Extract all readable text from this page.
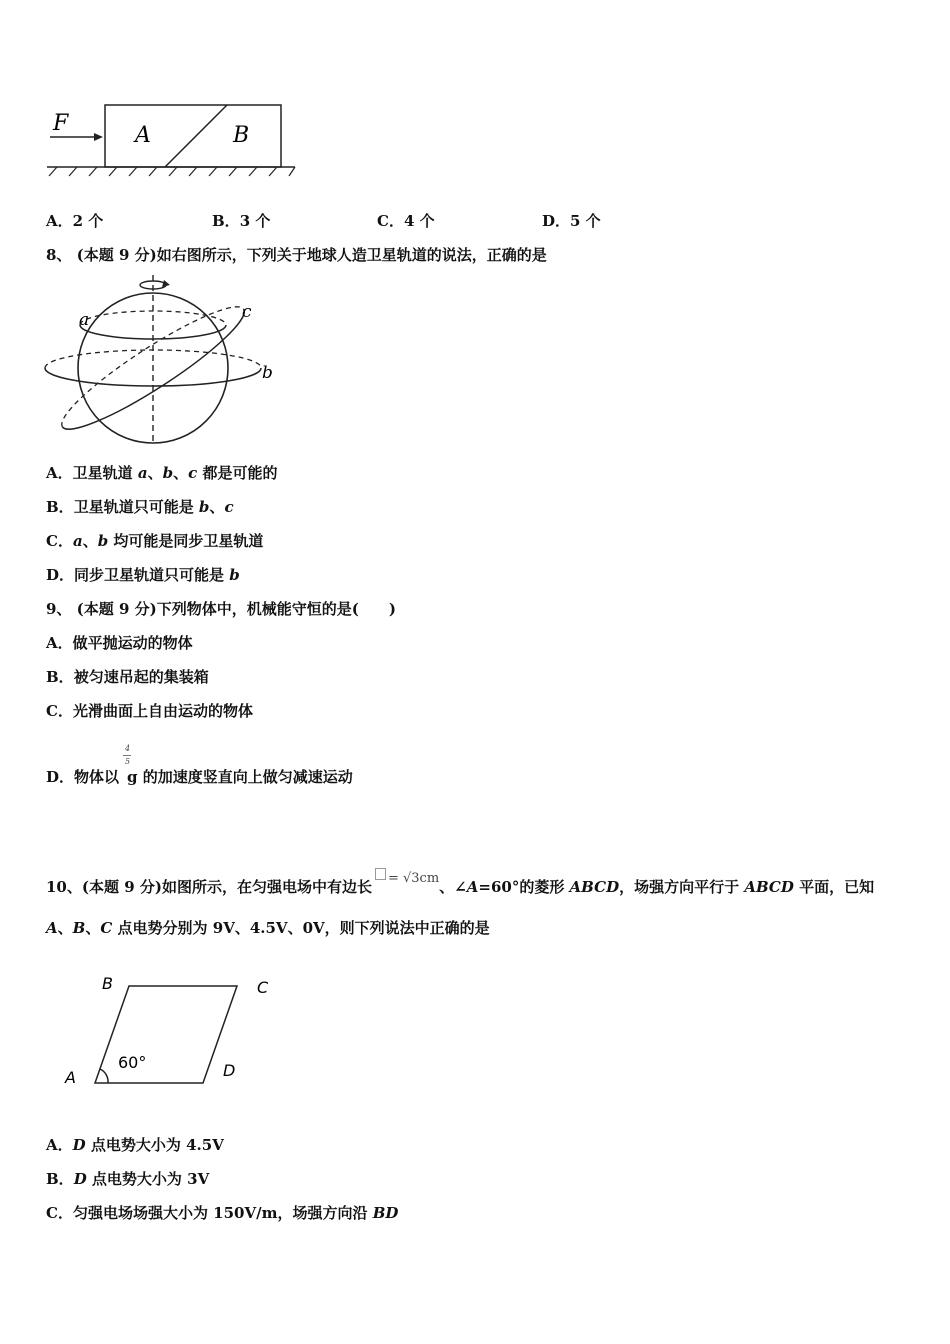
F	A	B
A．2 个	B．3 个	C．4 个	D．5 个
8、 (本题 9 分)如右图所示，下列关于地球人造卫星轨道的说法，正确的是
a	c
b
A．卫星轨道 a、b、c 都是可能的
B．卫星轨道只可能是 b、c
C．a、b 均可能是同步卫星轨道
D．同步卫星轨道只可能是 b
9、 (本题 9 分)下列物体中，机械能守恒的是(　　)
A．做平抛运动的物体
B．被匀速吊起的集装箱
C．光滑曲面上自由运动的物体
4
5
D．物体以 g 的加速度竖直向上做匀减速运动
10、(本题 9 分)如图所示，在匀强电场中有边长 = √3cm、∠A=60°的菱形 ABCD，场强方向平行于 ABCD 平面，已知
A、B、C 点电势分别为 9V、4.5V、0V，则下列说法中正确的是
B	C
A	D
60°
A．D 点电势大小为 4.5V
B．D 点电势大小为 3V
C．匀强电场场强大小为 150V/m，场强方向沿 BD
